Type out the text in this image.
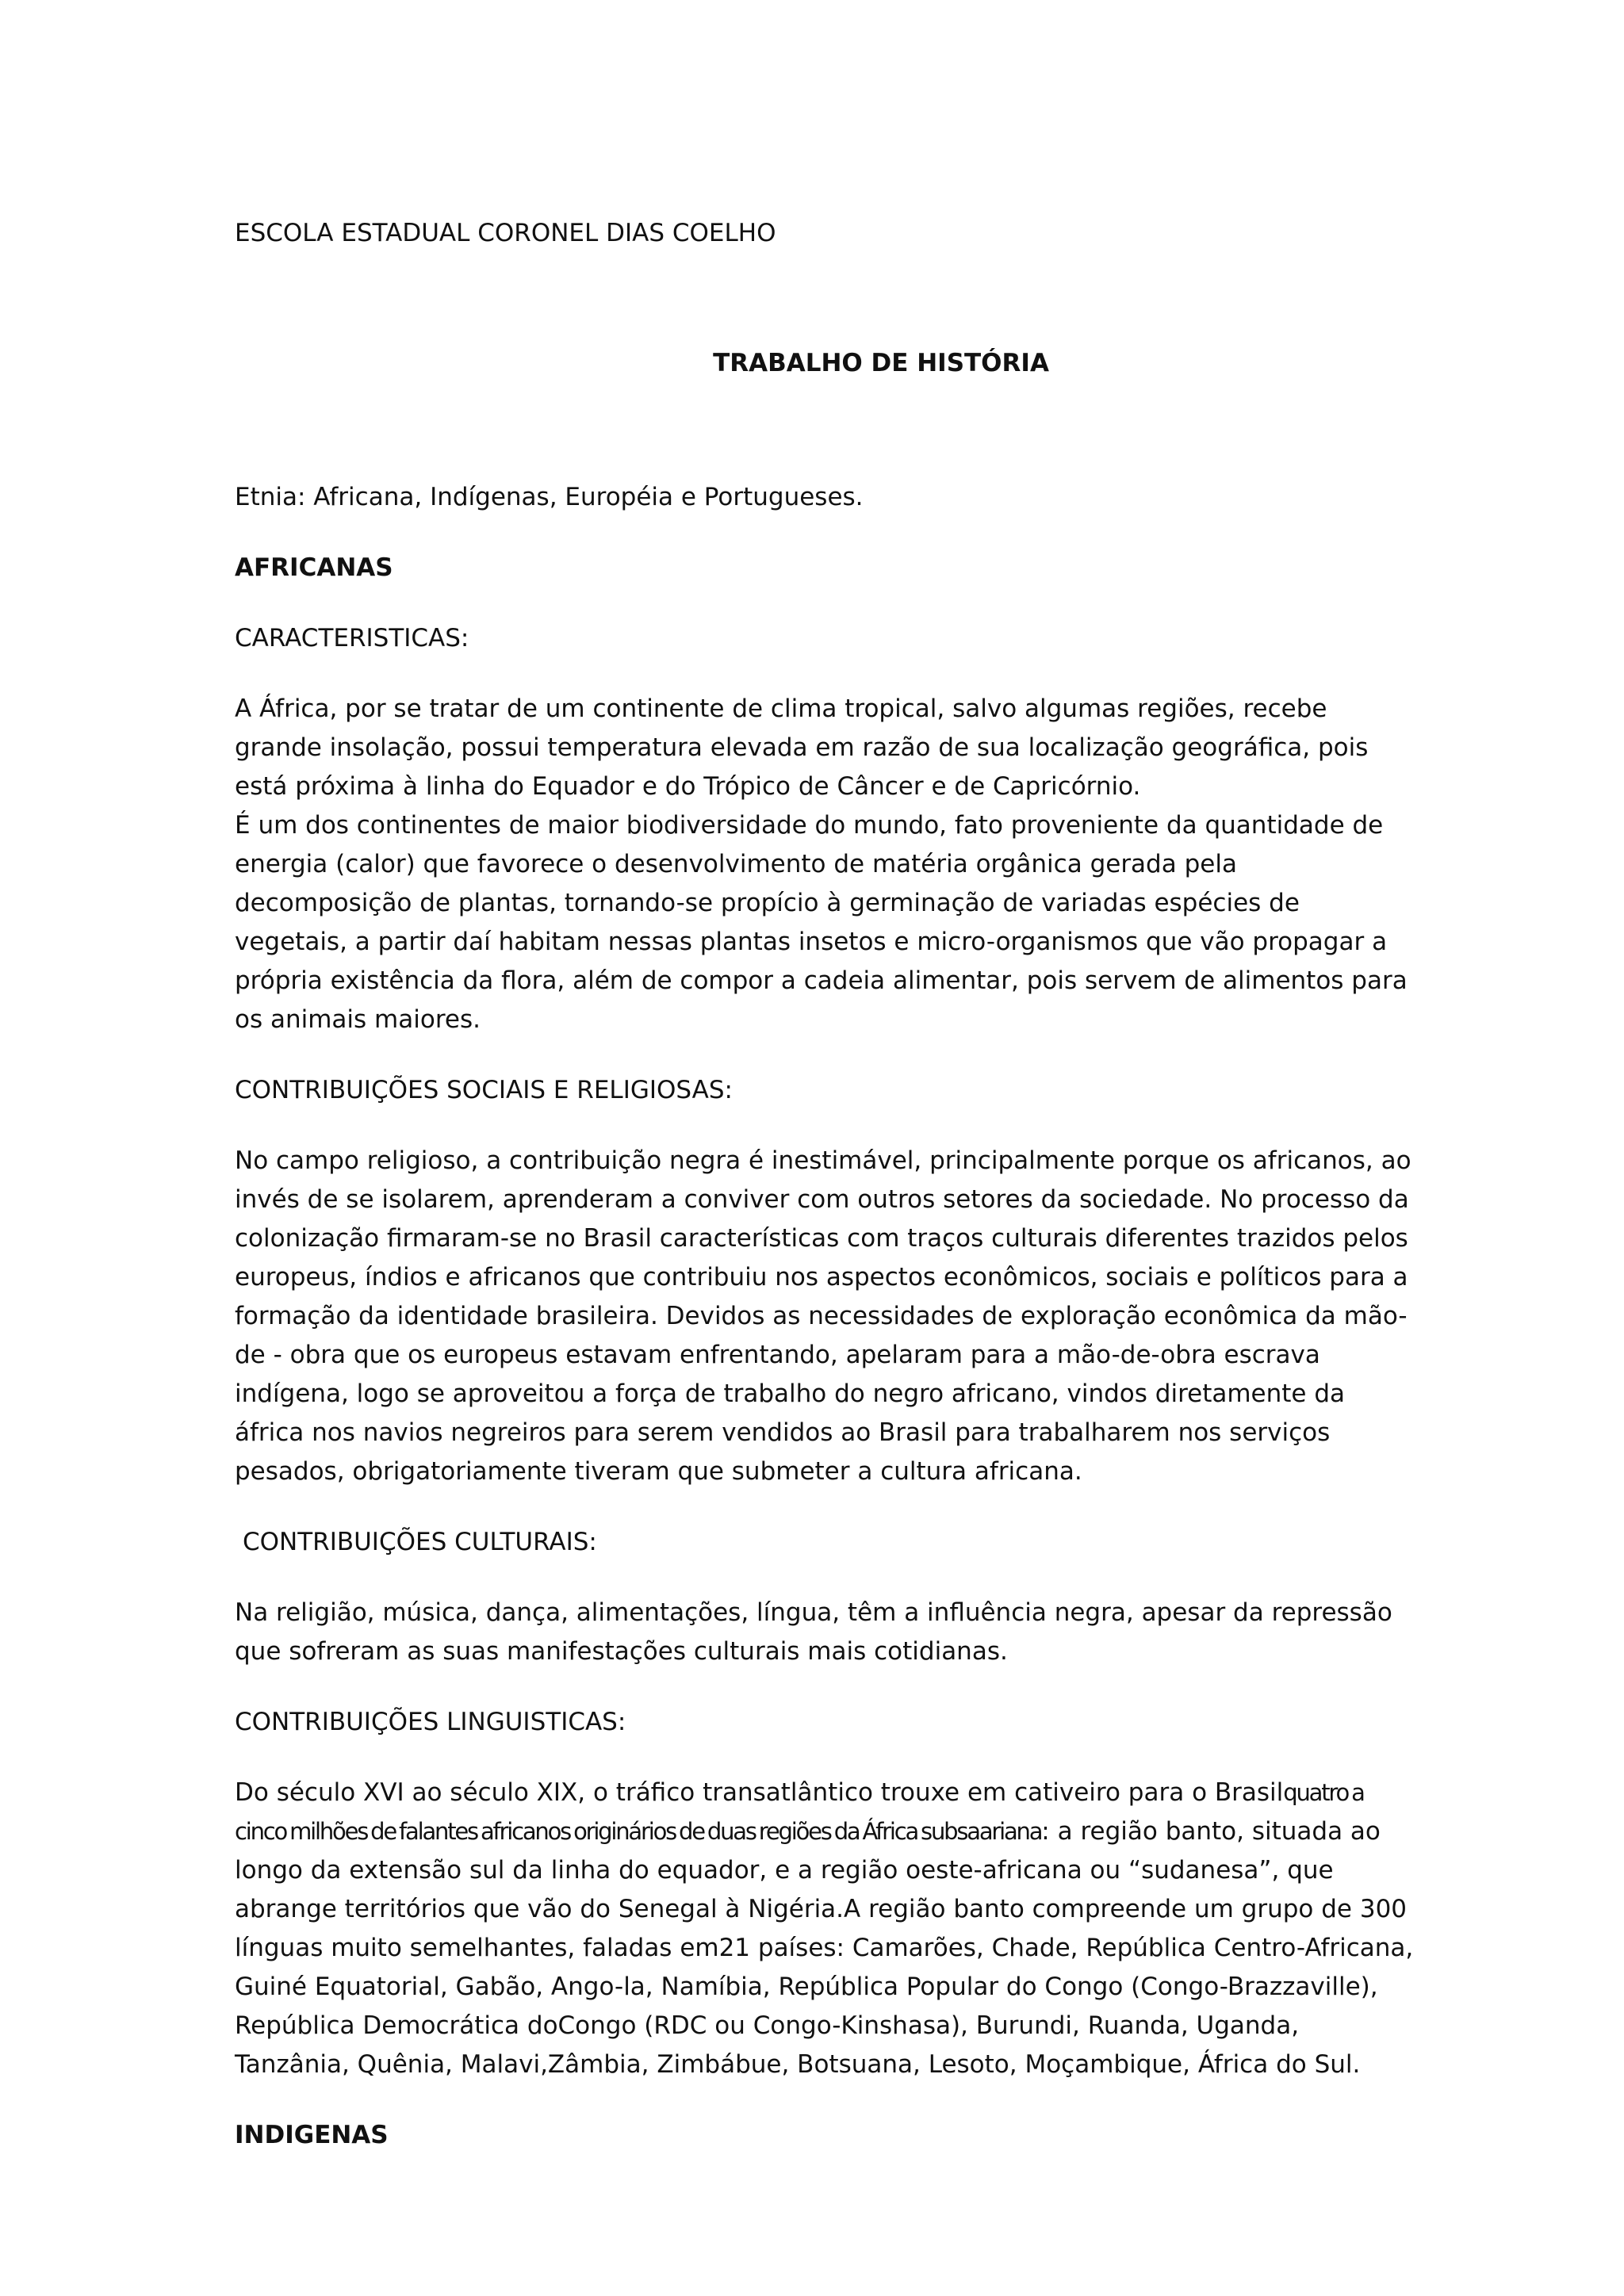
ESCOLA ESTADUAL CORONEL DIAS COELHO

TRABALHO DE HISTÓRIA

Etnia: Africana, Indígenas, Européia e Portugueses.

AFRICANAS

CARACTERISTICAS:

A África, por se tratar de um continente de clima tropical, salvo algumas regiões, recebe grande insolação, possui temperatura elevada em razão de sua localização geográfica, pois está próxima à linha do Equador e do Trópico de Câncer e de Capricórnio.

É um dos continentes de maior biodiversidade do mundo, fato proveniente da quantidade de energia (calor) que favorece o desenvolvimento de matéria orgânica gerada pela decomposição de plantas, tornando-se propício à germinação de variadas espécies de vegetais, a partir daí habitam nessas plantas insetos e micro-organismos que vão propagar a própria existência da flora, além de compor a cadeia alimentar, pois servem de alimentos para os animais maiores.

CONTRIBUIÇÕES SOCIAIS E RELIGIOSAS:

No campo religioso, a contribuição negra é inestimável, principalmente porque os africanos, ao invés de se isolarem, aprenderam a conviver com outros setores da sociedade. No processo da colonização firmaram-se no Brasil características com traços culturais diferentes trazidos pelos europeus, índios e africanos que contribuiu nos aspectos econômicos, sociais e políticos para a formação da identidade brasileira. Devidos as necessidades de exploração econômica da mão- de - obra que os europeus estavam enfrentando, apelaram para a mão-de-obra escrava indígena, logo se aproveitou a força de trabalho do negro africano, vindos diretamente da áfrica nos navios negreiros para serem vendidos ao Brasil para trabalharem nos serviços pesados, obrigatoriamente tiveram que submeter a cultura africana.

CONTRIBUIÇÕES CULTURAIS:

Na religião, música, dança, alimentações, língua, têm a influência negra, apesar da repressão que sofreram as suas manifestações culturais mais cotidianas.

CONTRIBUIÇÕES LINGUISTICAS:

Do século XVI ao século XIX, o tráfico transatlântico trouxe em cativeiro para o Brasilquatro a cinco milhões de falantes africanos originários de duas regiões da África subsaariana: a região banto, situada ao longo da extensão sul da linha do equador, e a região oeste-africana ou “sudanesa”, que abrange territórios que vão do Senegal à Nigéria.A região banto compreende um grupo de 300 línguas muito semelhantes, faladas em21 países: Camarões, Chade, República Centro-Africana, Guiné Equatorial, Gabão, Ango-la, Namíbia, República Popular do Congo (Congo-Brazzaville), República Democrática doCongo (RDC ou Congo-Kinshasa), Burundi, Ruanda, Uganda, Tanzânia, Quênia, Malavi,Zâmbia, Zimbábue, Botsuana, Lesoto, Moçambique, África do Sul.

INDIGENAS
